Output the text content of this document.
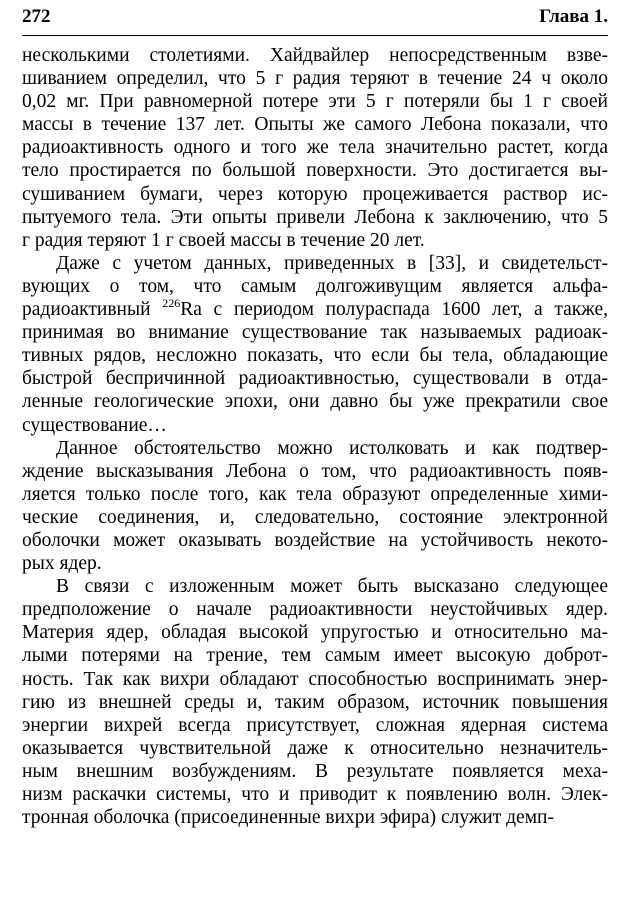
272	Глава 1.
несколькими столетиями. Хайдвайлер непосредственным взве-
шиванием определил, что 5 г радия теряют в течение 24 ч около
0,02 мг. При равномерной потере эти 5 г потеряли бы 1 г своей
массы в течение 137 лет. Опыты же самого Лебона показали, что
радиоактивность одного и того же тела значительно растет, когда
тело простирается по большой поверхности. Это достигается вы-
сушиванием бумаги, через которую процеживается раствор ис-
пытуемого тела. Эти опыты привели Лебона к заключению, что 5
г радия теряют 1 г своей массы в течение 20 лет.
Даже с учетом данных, приведенных в [33], и свидетельст-
вующих о том, что самым долгоживущим является альфа-
радиоактивный $^{226}$Ra с периодом полураспада 1600 лет, а также,
принимая во внимание существование так называемых радиоак-
тивных рядов, несложно показать, что если бы тела, обладающие
быстрой беспричинной радиоактивностью, существовали в отда-
ленные геологические эпохи, они давно бы уже прекратили свое
существование…
Данное обстоятельство можно истолковать и как подтвер-
ждение высказывания Лебона о том, что радиоактивность появ-
ляется только после того, как тела образуют определенные хими-
ческие соединения, и, следовательно, состояние электронной
оболочки может оказывать воздействие на устойчивость некото-
рых ядер.
В связи с изложенным может быть высказано следующее
предположение о начале радиоактивности неустойчивых ядер.
Материя ядер, обладая высокой упругостью и относительно ма-
лыми потерями на трение, тем самым имеет высокую доброт-
ность. Так как вихри обладают способностью воспринимать энер-
гию из внешней среды и, таким образом, источник повышения
энергии вихрей всегда присутствует, сложная ядерная система
оказывается чувствительной даже к относительно незначитель-
ным внешним возбуждениям. В результате появляется меха-
низм раскачки системы, что и приводит к появлению волн. Элек-
тронная оболочка (присоединенные вихри эфира) служит демп-
